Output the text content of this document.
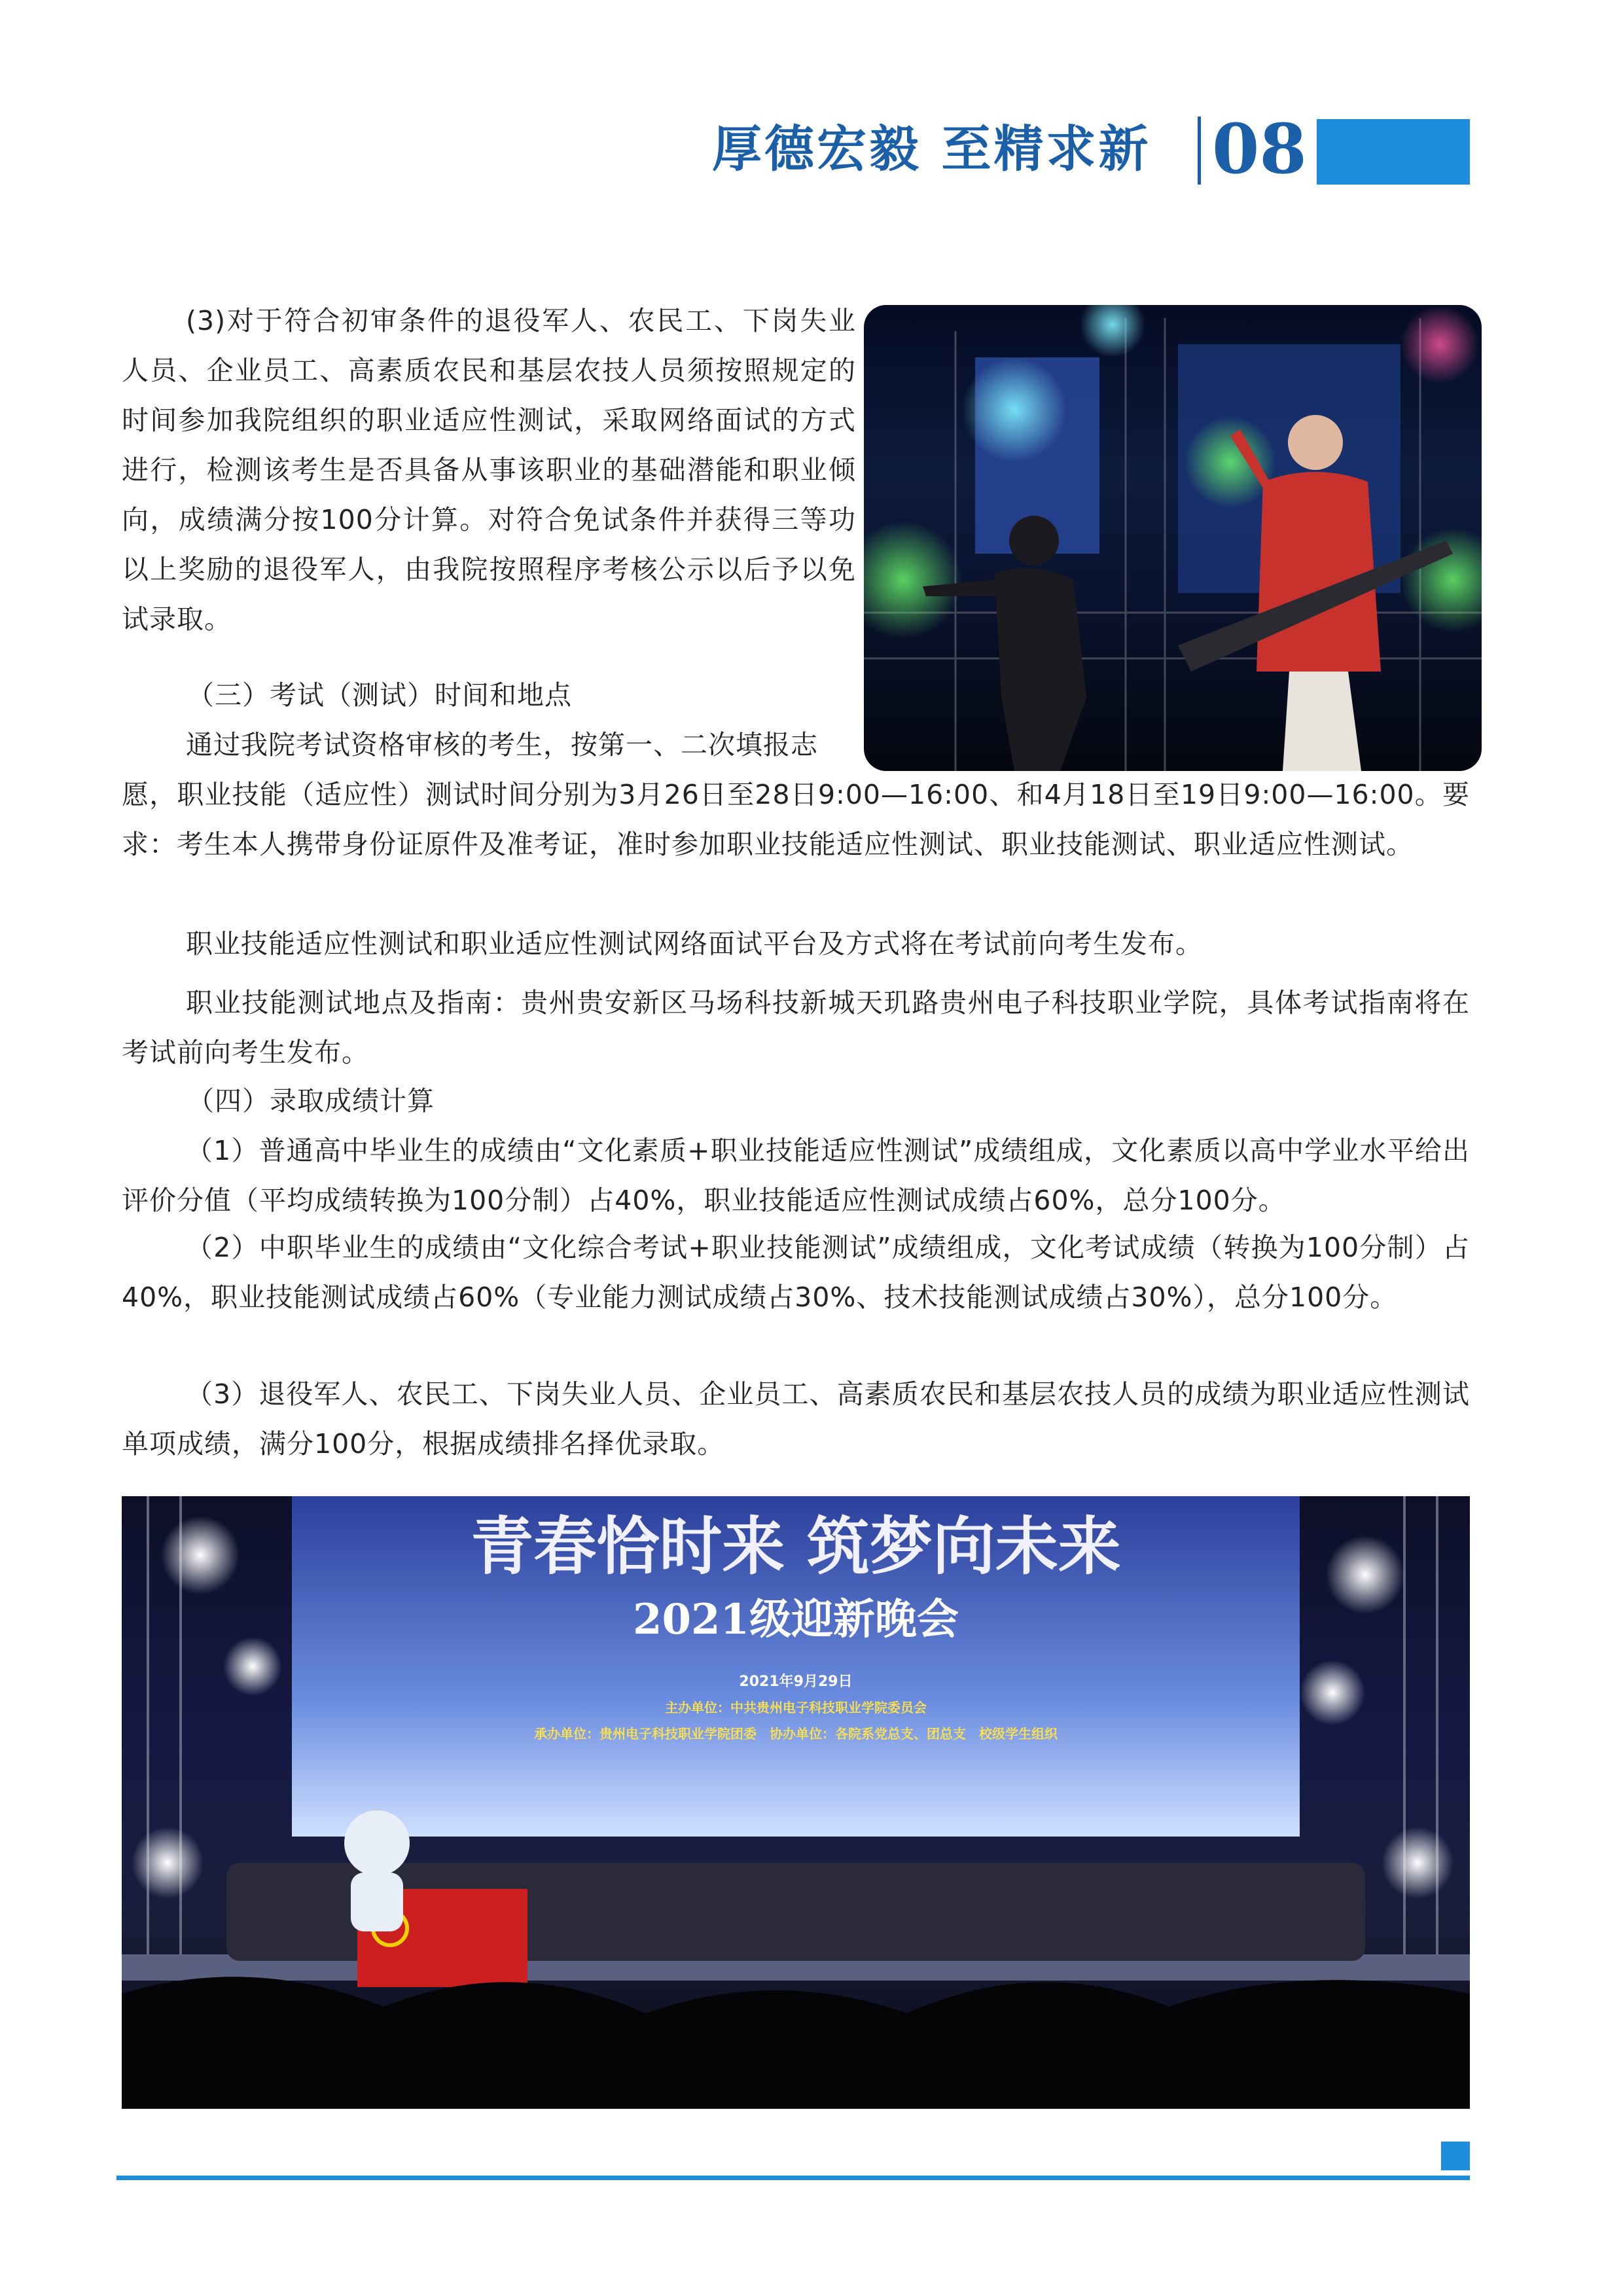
厚德宏毅 至精求新 08

(3)对于符合初审条件的退役军人、农民工、下岗失业人员、企业员工、高素质农民和基层农技人员须按照规定的时间参加我院组织的职业适应性测试，采取网络面试的方式进行，检测该考生是否具备从事该职业的基础潜能和职业倾向，成绩满分按100分计算。对符合免试条件并获得三等功以上奖励的退役军人，由我院按照程序考核公示以后予以免试录取。

（三）考试（测试）时间和地点

通过我院考试资格审核的考生，按第一、二次填报志

愿，职业技能（适应性）测试时间分别为3月26日至28日9:00—16:00、和4月18日至19日9:00—16:00。要求：考生本人携带身份证原件及准考证，准时参加职业技能适应性测试、职业技能测试、职业适应性测试。

职业技能适应性测试和职业适应性测试网络面试平台及方式将在考试前向考生发布。

职业技能测试地点及指南：贵州贵安新区马场科技新城天玑路贵州电子科技职业学院，具体考试指南将在考试前向考生发布。

（四）录取成绩计算

（1）普通高中毕业生的成绩由“文化素质+职业技能适应性测试”成绩组成，文化素质以高中学业水平给出评价分值（平均成绩转换为100分制）占40%，职业技能适应性测试成绩占60%，总分100分。

（2）中职毕业生的成绩由“文化综合考试+职业技能测试”成绩组成，文化考试成绩（转换为100分制）占40%，职业技能测试成绩占60%（专业能力测试成绩占30%、技术技能测试成绩占30%），总分100分。

（3）退役军人、农民工、下岗失业人员、企业员工、高素质农民和基层农技人员的成绩为职业适应性测试单项成绩，满分100分，根据成绩排名择优录取。

青春恰时来 筑梦向未来
2021级迎新晚会
2021年9月29日
主办单位：中共贵州电子科技职业学院委员会
承办单位：贵州电子科技职业学院团委　协办单位：各院系党总支、团总支　校级学生组织
